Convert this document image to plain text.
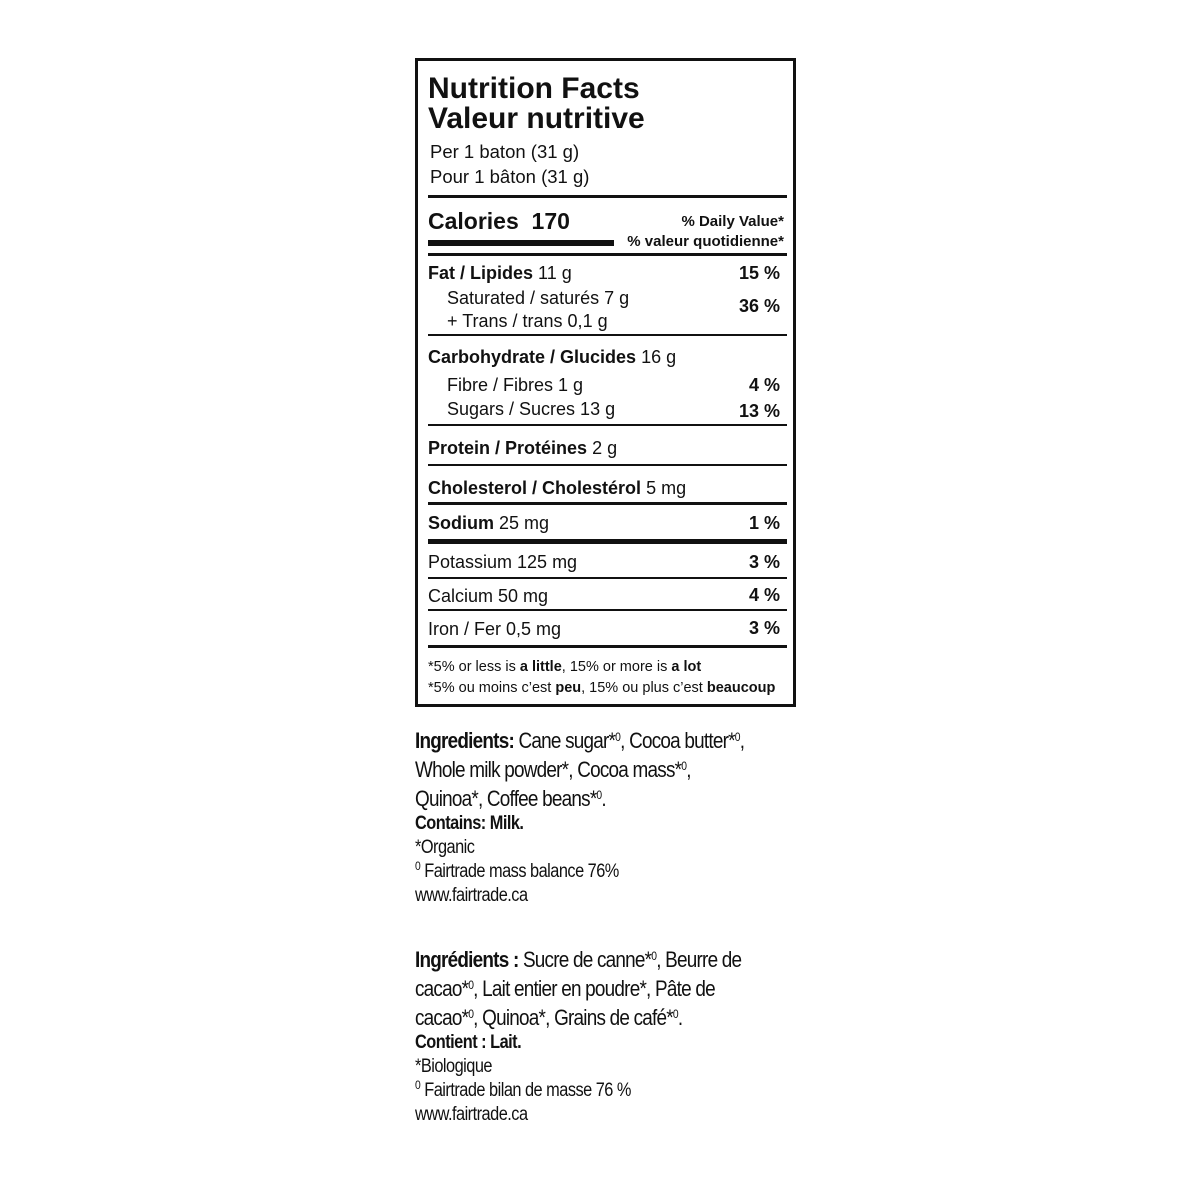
Nutrition Facts
Valeur nutritive
Per 1 baton (31 g)
Pour 1 bâton (31 g)
Calories 170	% Daily Value*
% valeur quotidienne*
Fat / Lipides 11 g	15 %
Saturated / saturés 7 g	36 %
+ Trans / trans 0,1 g
Carbohydrate / Glucides 16 g
Fibre / Fibres 1 g	4 %
Sugars / Sucres 13 g	13 %
Protein / Protéines 2 g
Cholesterol / Cholestérol 5 mg
Sodium 25 mg	1 %
Potassium 125 mg	3 %
Calcium 50 mg	4 %
Iron / Fer 0,5 mg	3 %
*5% or less is a little, 15% or more is a lot
*5% ou moins c’est peu, 15% ou plus c’est beaucoup
Ingredients: Cane sugar*$^0$, Cocoa butter*$^0$,
Whole milk powder*, Cocoa mass*$^0$,
Quinoa*, Coffee beans*$^0$.
Contains: Milk.
*Organic
$^0$ Fairtrade mass balance 76%
www.fairtrade.ca
Ingrédients : Sucre de canne*$^0$, Beurre de
cacao*$^0$, Lait entier en poudre*, Pâte de
cacao*$^0$, Quinoa*, Grains de café*$^0$.
Contient : Lait.
*Biologique
$^0$ Fairtrade bilan de masse 76 %
www.fairtrade.ca
